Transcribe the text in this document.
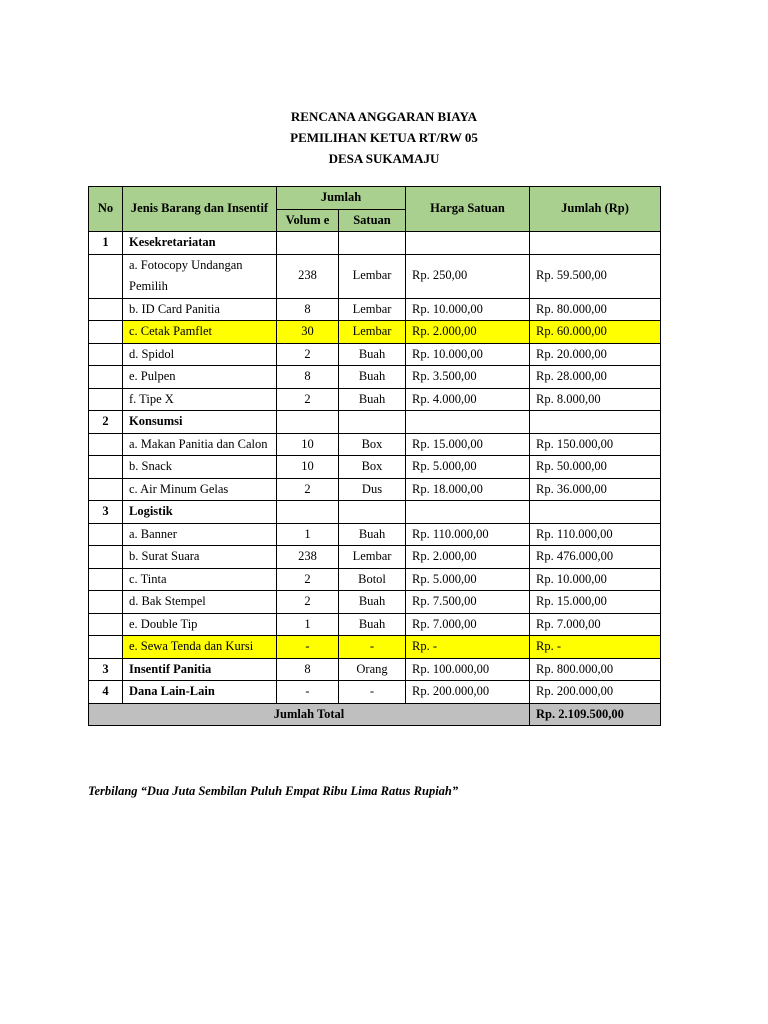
RENCANA ANGGARAN BIAYA
PEMILIHAN KETUA RT/RW 05
DESA SUKAMAJU
No	Jenis Barang dan Insentif	Jumlah		Harga Satuan	Jumlah (Rp)
		Volum e	Satuan		
1	Kesekretariatan				
	a. Fotocopy Undangan Pemilih	238	Lembar	Rp. 250,00	Rp. 59.500,00
	b. ID Card Panitia	8	Lembar	Rp. 10.000,00	Rp. 80.000,00
	c. Cetak Pamflet	30	Lembar	Rp. 2.000,00	Rp. 60.000,00
	d. Spidol	2	Buah	Rp. 10.000,00	Rp. 20.000,00
	e. Pulpen	8	Buah	Rp. 3.500,00	Rp. 28.000,00
	f. Tipe X	2	Buah	Rp. 4.000,00	Rp. 8.000,00
2	Konsumsi				
	a. Makan Panitia dan Calon	10	Box	Rp. 15.000,00	Rp. 150.000,00
	b. Snack	10	Box	Rp. 5.000,00	Rp. 50.000,00
	c. Air Minum Gelas	2	Dus	Rp. 18.000,00	Rp. 36.000,00
3	Logistik				
	a. Banner	1	Buah	Rp. 110.000,00	Rp. 110.000,00
	b. Surat Suara	238	Lembar	Rp. 2.000,00	Rp. 476.000,00
	c. Tinta	2	Botol	Rp. 5.000,00	Rp. 10.000,00
	d. Bak Stempel	2	Buah	Rp. 7.500,00	Rp. 15.000,00
	e. Double Tip	1	Buah	Rp. 7.000,00	Rp. 7.000,00
	e. Sewa Tenda dan Kursi	-	-	Rp. -	Rp. -
3	Insentif Panitia	8	Orang	Rp. 100.000,00	Rp. 800.000,00
4	Dana Lain-Lain	-	-	Rp. 200.000,00	Rp. 200.000,00
Jumlah Total					Rp. 2.109.500,00
Terbilang “Dua Juta Sembilan Puluh Empat Ribu Lima Ratus Rupiah”
